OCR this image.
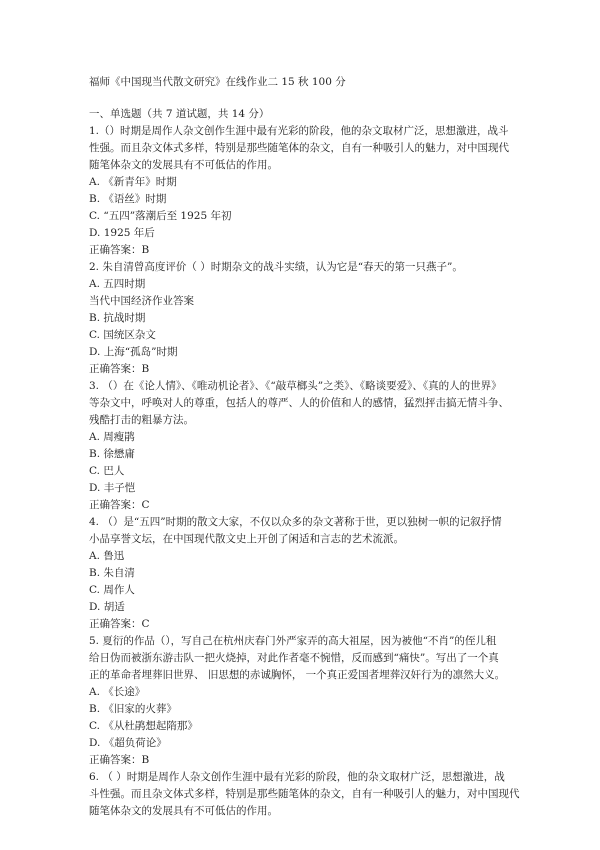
福师《中国现当代散文研究》在线作业二 15 秋 100 分
一、单选题（共 7 道试题，共 14 分）
1.（）时期是周作人杂文创作生涯中最有光彩的阶段，他的杂文取材广泛，思想激进，战斗
性强。而且杂文体式多样，特别是那些随笔体的杂文，自有一种吸引人的魅力，对中国现代
随笔体杂文的发展具有不可低估的作用。
A. 《新青年》时期
B. 《语丝》时期
C. “五四”落潮后至 1925 年初
D. 1925 年后
正确答案：B
2. 朱自清曾高度评价（ ）时期杂文的战斗实绩，认为它是“春天的第一只燕子”。
A. 五四时期
当代中国经济作业答案
B. 抗战时期
C. 国统区杂文
D. 上海“孤岛”时期
正确答案：B
3. （）在《论人情》、《唯动机论者》、《“敲草榔头”之类》、《略谈要爱》、《真的人的世界》
等杂文中，呼唤对人的尊重，包括人的尊严、人的价值和人的感情，猛烈抨击搞无情斗争、
残酷打击的粗暴方法。
A. 周瘦鹃
B. 徐懋庸
C. 巴人
D. 丰子恺
正确答案：C
4. （）是“五四”时期的散文大家，不仅以众多的杂文著称于世，更以独树一帜的记叙抒情
小品享誉文坛，在中国现代散文史上开创了闲适和言志的艺术流派。
A. 鲁迅
B. 朱自清
C. 周作人
D. 胡适
正确答案：C
5. 夏衍的作品（），写自己在杭州庆春门外严家弄的高大祖屋，因为被他“不肖”的侄儿租
给日伪而被浙东游击队一把火烧掉，对此作者毫不惋惜，反而感到“痛快”。写出了一个真
正的革命者埋葬旧世界、 旧思想的赤诚胸怀， 一个真正爱国者埋葬汉奸行为的凛然大义。
A. 《长途》
B. 《旧家的火葬》
C. 《从杜鹃想起隋那》
D. 《超负荷论》
正确答案：B
6. （ ）时期是周作人杂文创作生涯中最有光彩的阶段，他的杂文取材广泛，思想激进，战
斗性强。而且杂文体式多样，特别是那些随笔体的杂文，自有一种吸引人的魅力，对中国现代
随笔体杂文的发展具有不可低估的作用。
